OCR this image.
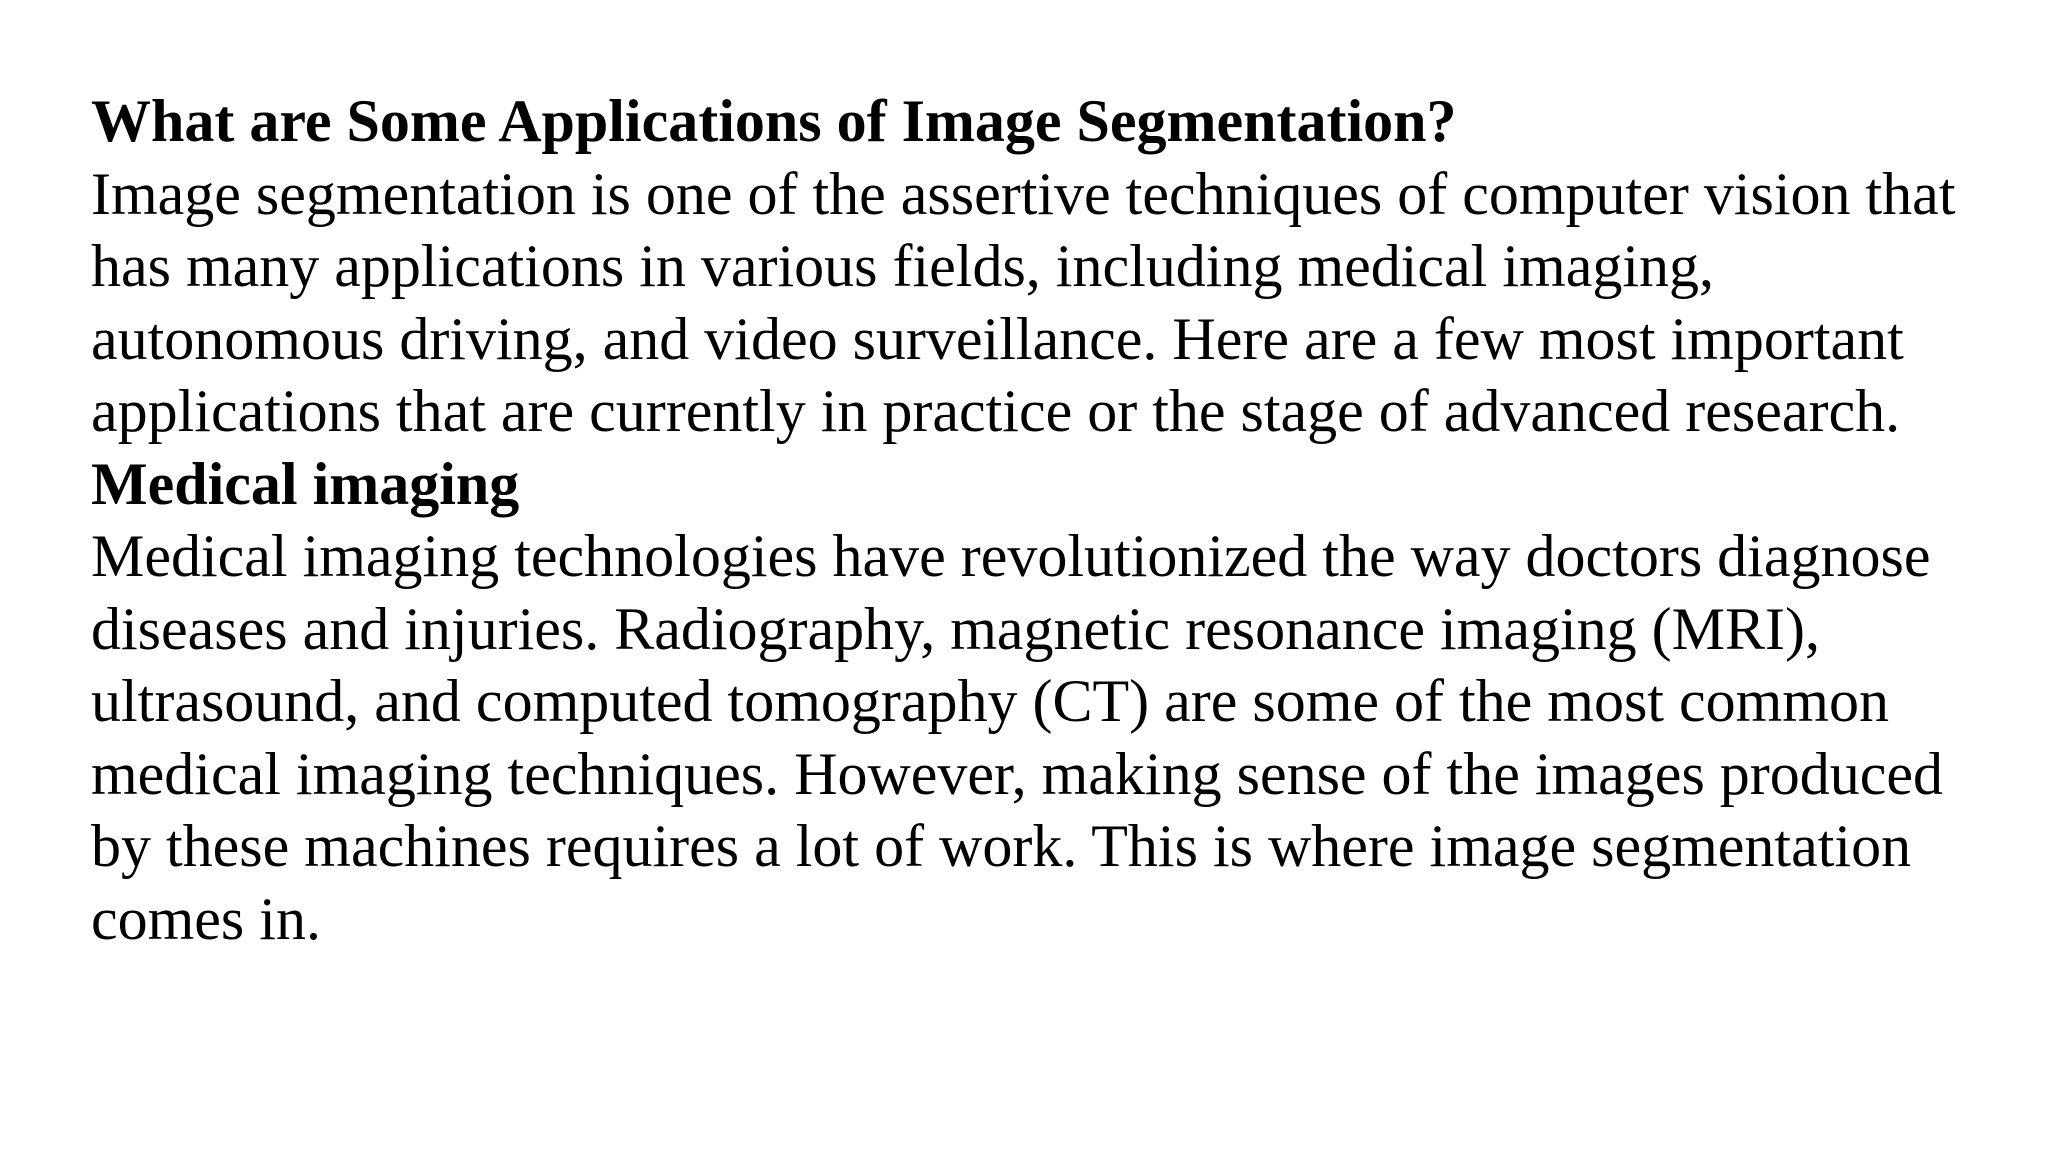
What are Some Applications of Image Segmentation?
Image segmentation is one of the assertive techniques of computer vision that
has many applications in various fields, including medical imaging,
autonomous driving, and video surveillance. Here are a few most important
applications that are currently in practice or the stage of advanced research.
Medical imaging
Medical imaging technologies have revolutionized the way doctors diagnose
diseases and injuries. Radiography, magnetic resonance imaging (MRI),
ultrasound, and computed tomography (CT) are some of the most common
medical imaging techniques. However, making sense of the images produced
by these machines requires a lot of work. This is where image segmentation
comes in.
